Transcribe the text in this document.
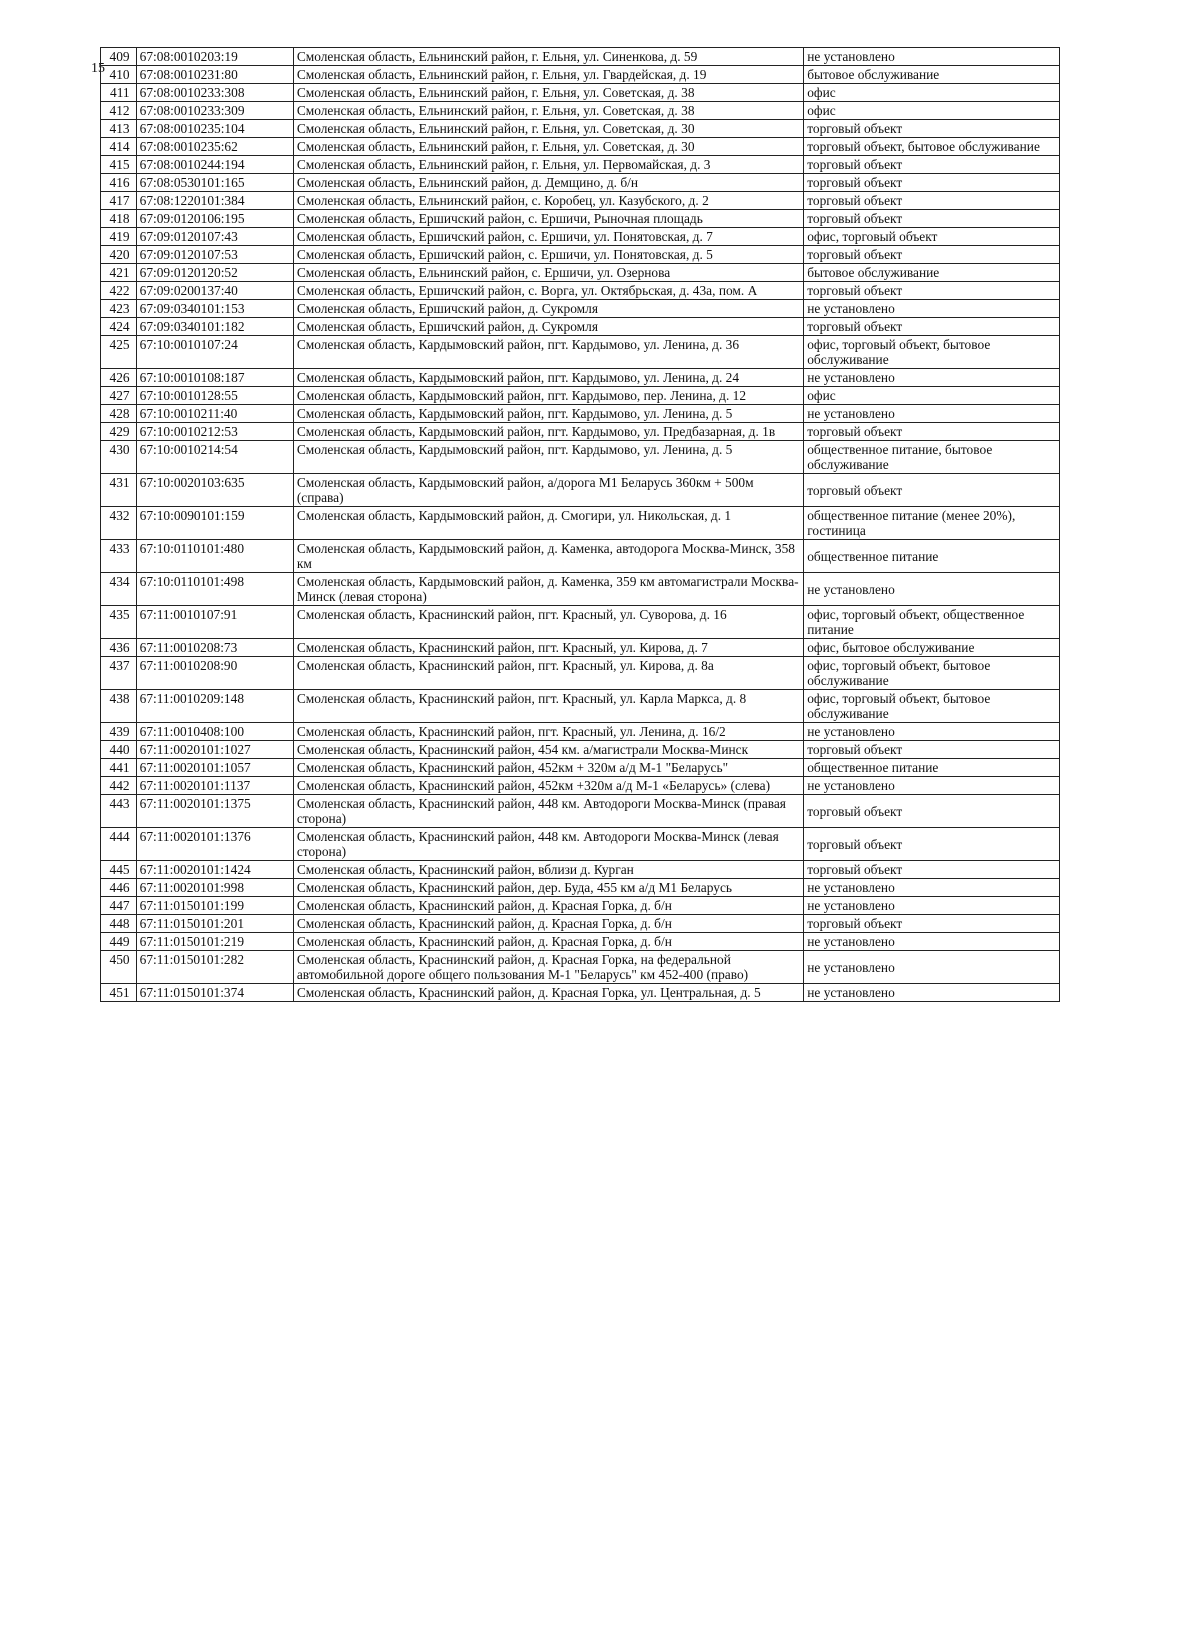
15
409	67:08:0010203:19	Смоленская область, Ельнинский район, г. Ельня, ул. Синенкова, д. 59	не установлено
410	67:08:0010231:80	Смоленская область, Ельнинский район, г. Ельня, ул. Гвардейская, д. 19	бытовое обслуживание
411	67:08:0010233:308	Смоленская область, Ельнинский район, г. Ельня, ул. Советская, д. 38	офис
412	67:08:0010233:309	Смоленская область, Ельнинский район, г. Ельня, ул. Советская, д. 38	офис
413	67:08:0010235:104	Смоленская область, Ельнинский район, г. Ельня, ул. Советская, д. 30	торговый объект
414	67:08:0010235:62	Смоленская область, Ельнинский район, г. Ельня, ул. Советская, д. 30	торговый объект, бытовое обслуживание
415	67:08:0010244:194	Смоленская область, Ельнинский район, г. Ельня, ул. Первомайская, д. 3	торговый объект
416	67:08:0530101:165	Смоленская область, Ельнинский район, д. Демщино, д. б/н	торговый объект
417	67:08:1220101:384	Смоленская область, Ельнинский район, с. Коробец, ул. Казубского, д. 2	торговый объект
418	67:09:0120106:195	Смоленская область, Ершичский район, с. Ершичи, Рыночная площадь	торговый объект
419	67:09:0120107:43	Смоленская область, Ершичский район, с. Ершичи, ул. Понятовская, д. 7	офис, торговый объект
420	67:09:0120107:53	Смоленская область, Ершичский район, с. Ершичи, ул. Понятовская, д. 5	торговый объект
421	67:09:0120120:52	Смоленская область, Ельнинский район, с. Ершичи, ул. Озернова	бытовое обслуживание
422	67:09:0200137:40	Смоленская область, Ершичский район, с. Ворга, ул. Октябрьская, д. 43а, пом. А	торговый объект
423	67:09:0340101:153	Смоленская область, Ершичский район, д. Сукромля	не установлено
424	67:09:0340101:182	Смоленская область, Ершичский район, д. Сукромля	торговый объект
425	67:10:0010107:24	Смоленская область, Кардымовский район, пгт. Кардымово, ул. Ленина, д. 36	офис, торговый объект, бытовое обслуживание
426	67:10:0010108:187	Смоленская область, Кардымовский район, пгт. Кардымово, ул. Ленина, д. 24	не установлено
427	67:10:0010128:55	Смоленская область, Кардымовский район, пгт. Кардымово, пер. Ленина, д. 12	офис
428	67:10:0010211:40	Смоленская область, Кардымовский район, пгт. Кардымово, ул. Ленина, д. 5	не установлено
429	67:10:0010212:53	Смоленская область, Кардымовский район, пгт. Кардымово, ул. Предбазарная, д. 1в	торговый объект
430	67:10:0010214:54	Смоленская область, Кардымовский район, пгт. Кардымово, ул. Ленина, д. 5	общественное питание, бытовое обслуживание
431	67:10:0020103:635	Смоленская область, Кардымовский район, а/дорога М1 Беларусь 360км + 500м (справа)	торговый объект
432	67:10:0090101:159	Смоленская область, Кардымовский район, д. Смогири, ул. Никольская, д. 1	общественное питание (менее 20%), гостиница
433	67:10:0110101:480	Смоленская область, Кардымовский район, д. Каменка, автодорога Москва-Минск, 358 км	общественное питание
434	67:10:0110101:498	Смоленская область, Кардымовский район, д. Каменка, 359 км автомагистрали Москва-Минск (левая сторона)	не установлено
435	67:11:0010107:91	Смоленская область, Краснинский район, пгт. Красный, ул. Суворова, д. 16	офис, торговый объект, общественное питание
436	67:11:0010208:73	Смоленская область, Краснинский район, пгт. Красный, ул. Кирова, д. 7	офис, бытовое обслуживание
437	67:11:0010208:90	Смоленская область, Краснинский район, пгт. Красный, ул. Кирова, д. 8а	офис, торговый объект, бытовое обслуживание
438	67:11:0010209:148	Смоленская область, Краснинский район, пгт. Красный, ул. Карла Маркса, д. 8	офис, торговый объект, бытовое обслуживание
439	67:11:0010408:100	Смоленская область, Краснинский район, пгт. Красный, ул. Ленина, д. 16/2	не установлено
440	67:11:0020101:1027	Смоленская область, Краснинский район, 454 км. а/магистрали Москва-Минск	торговый объект
441	67:11:0020101:1057	Смоленская область, Краснинский район, 452км + 320м а/д М-1 "Беларусь"	общественное питание
442	67:11:0020101:1137	Смоленская область, Краснинский район, 452км +320м а/д М-1 «Беларусь» (слева)	не установлено
443	67:11:0020101:1375	Смоленская область, Краснинский район, 448 км. Автодороги Москва-Минск (правая сторона)	торговый объект
444	67:11:0020101:1376	Смоленская область, Краснинский район, 448 км. Автодороги Москва-Минск (левая сторона)	торговый объект
445	67:11:0020101:1424	Смоленская область, Краснинский район, вблизи д. Курган	торговый объект
446	67:11:0020101:998	Смоленская область, Краснинский район, дер. Буда, 455 км а/д М1 Беларусь	не установлено
447	67:11:0150101:199	Смоленская область, Краснинский район, д. Красная Горка, д. б/н	не установлено
448	67:11:0150101:201	Смоленская область, Краснинский район, д. Красная Горка, д. б/н	торговый объект
449	67:11:0150101:219	Смоленская область, Краснинский район, д. Красная Горка, д. б/н	не установлено
450	67:11:0150101:282	Смоленская область, Краснинский район, д. Красная Горка, на федеральной автомобильной дороге общего пользования М-1 "Беларусь" км 452-400 (право)	не установлено
451	67:11:0150101:374	Смоленская область, Краснинский район, д. Красная Горка, ул. Центральная, д. 5	не установлено
